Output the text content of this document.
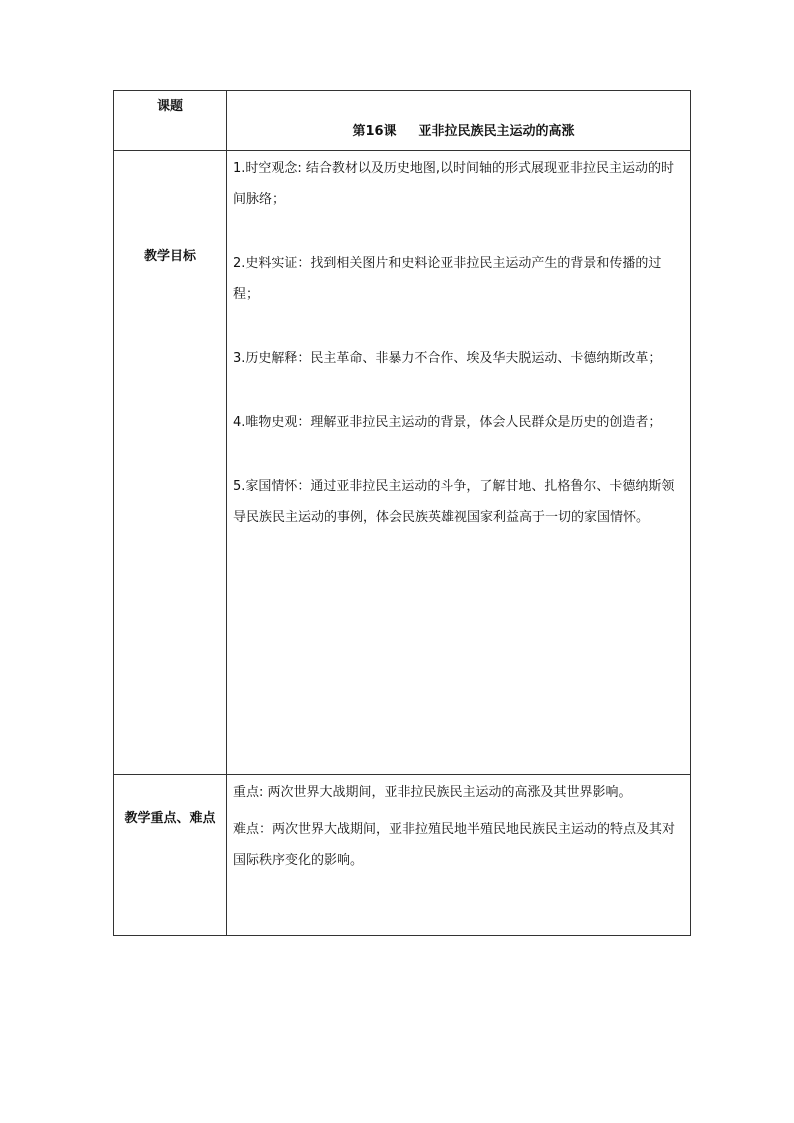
课题	第16课 亚非拉民族民主运动的高涨
教学目标	1.时空观念: 结合教材以及历史地图,以时间轴的形式展现亚非拉民主运动的时间脉络；

2.史料实证：找到相关图片和史料论亚非拉民主运动产生的背景和传播的过程；

3.历史解释：民主革命、非暴力不合作、埃及华夫脱运动、卡德纳斯改革；

4.唯物史观：理解亚非拉民主运动的背景，体会人民群众是历史的创造者；

5.家国情怀：通过亚非拉民主运动的斗争，了解甘地、扎格鲁尔、卡德纳斯领导民族民主运动的事例，体会民族英雄视国家利益高于一切的家国情怀。

教学重点、难点	重点: 两次世界大战期间，亚非拉民族民主运动的高涨及其世界影响。

难点：两次世界大战期间，亚非拉殖民地半殖民地民族民主运动的特点及其对国际秩序变化的影响。
